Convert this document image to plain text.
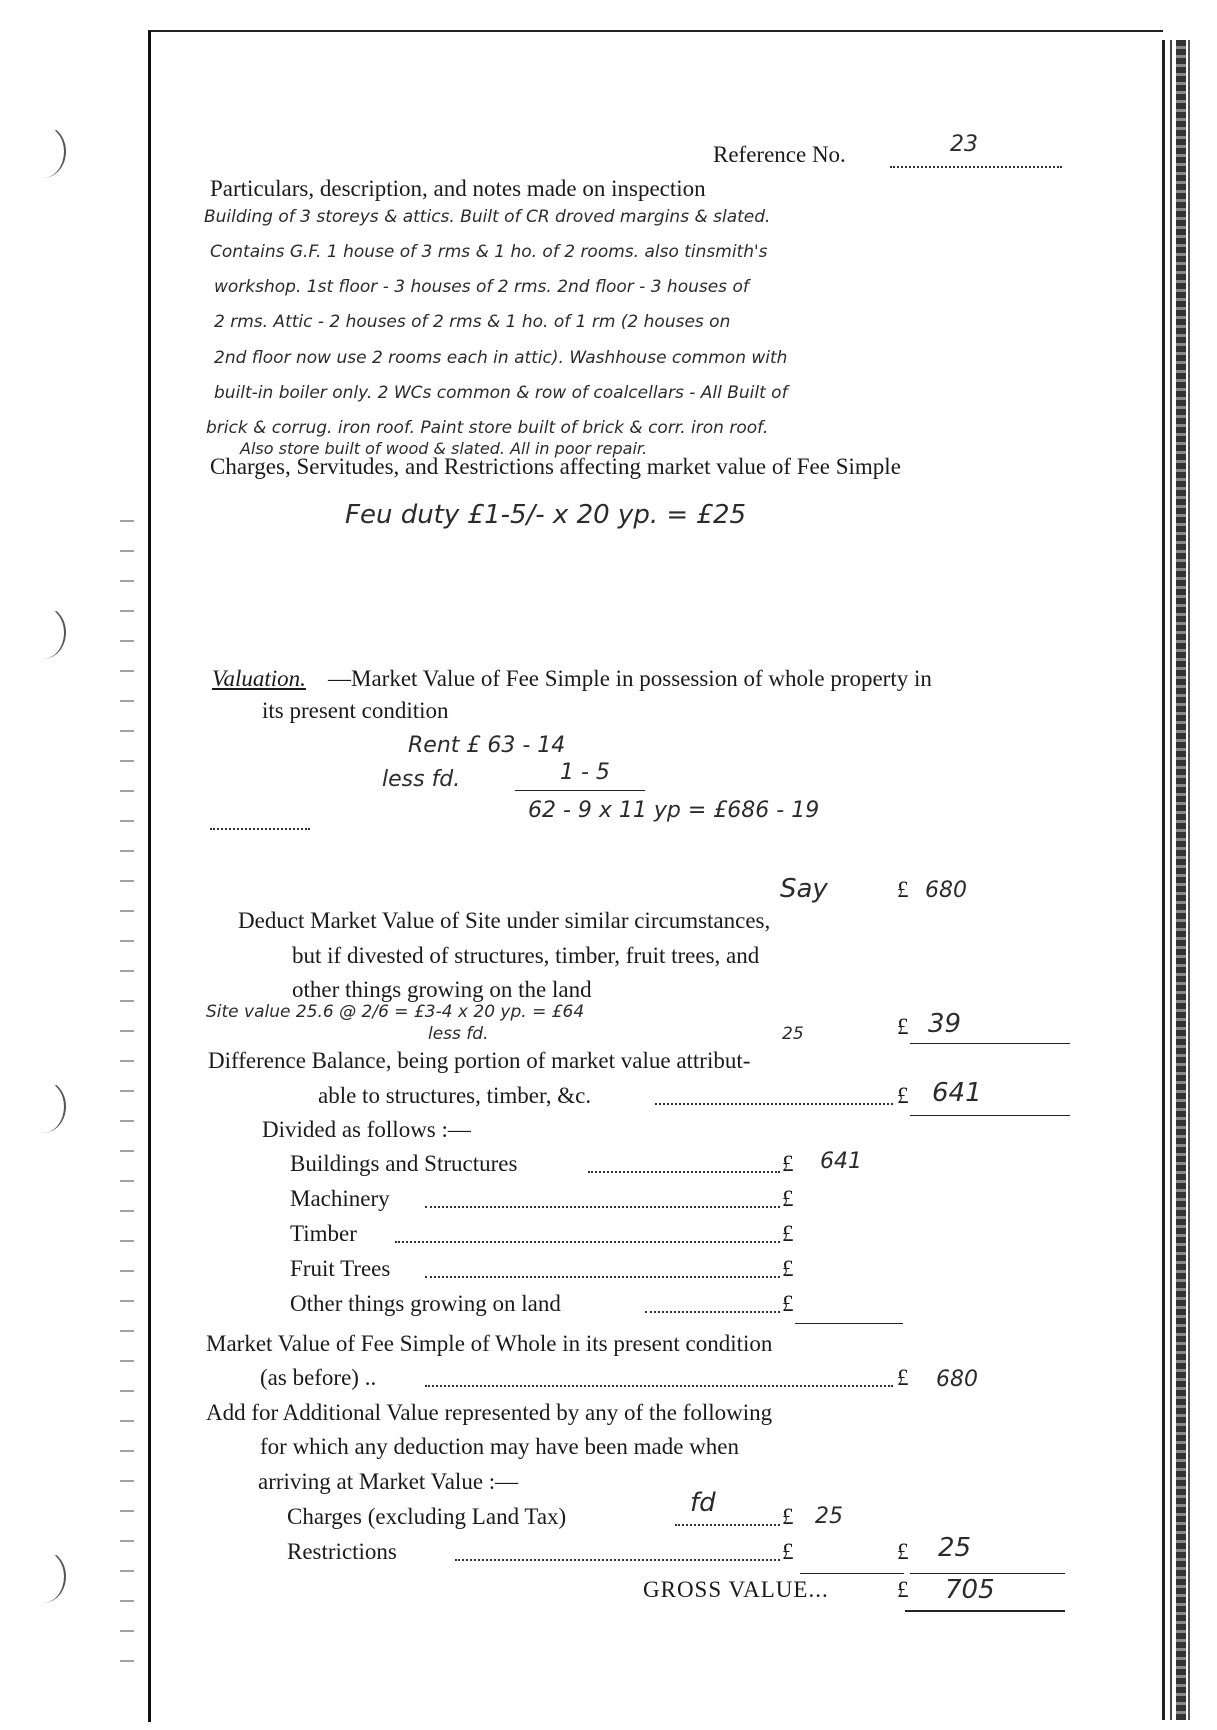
Reference No.	23
Particulars, description, and notes made on inspection
Building of 3 storeys & attics. Built of CR droved margins & slated.
Contains G.F. 1 house of 3 rms & 1 ho. of 2 rooms. also tinsmith's
workshop. 1st floor - 3 houses of 2 rms. 2nd floor - 3 houses of
2 rms. Attic - 2 houses of 2 rms & 1 ho. of 1 rm (2 houses on
2nd floor now use 2 rooms each in attic). Washhouse common with
built-in boiler only. 2 WCs common & row of coalcellars - All Built of
brick & corrug. iron roof. Paint store built of brick & corr. iron roof.
Also store built of wood & slated. All in poor repair.
Charges, Servitudes, and Restrictions affecting market value of Fee Simple
Feu duty £1-5/- x 20 yp. = £25
Valuation. —Market Value of Fee Simple in possession of whole property in
its present condition
Rent £ 63 - 14
less fd.	1 - 5
62 - 9 x 11 yp = £686 - 19
Say	£ 680
Deduct Market Value of Site under similar circumstances,
but if divested of structures, timber, fruit trees, and
other things growing on the land
Site value 25.6 @ 2/6 = £3-4 x 20 yp. = £64
less fd.	25	£ 39
Difference Balance, being portion of market value attribut-
able to structures, timber, &c.	£ 641
Divided as follows :—
Buildings and Structures	£ 641
Machinery	£
Timber	£
Fruit Trees	£
Other things growing on land	£
Market Value of Fee Simple of Whole in its present condition
(as before) ..	£ 680
Add for Additional Value represented by any of the following
for which any deduction may have been made when
arriving at Market Value :—
Charges (excluding Land Tax)	fd	£ 25
Restrictions	£	£ 25
GROSS VALUE...	£ 705
